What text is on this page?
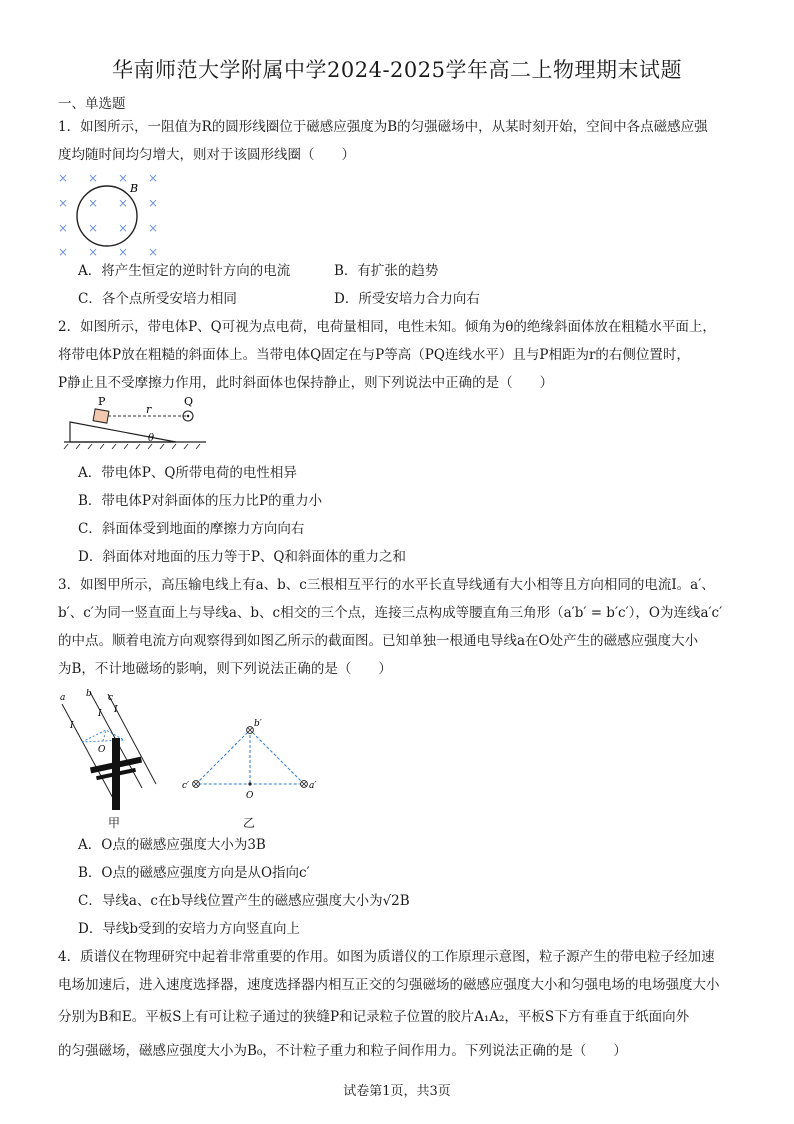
华南师范大学附属中学2024-2025学年高二上物理期末试题
一、单选题
1．如图所示，一阻值为R的圆形线圈位于磁感应强度为B的匀强磁场中，从某时刻开始，空间中各点磁感应强
度均随时间均匀增大，则对于该圆形线圈（　　）
× × × ×
× × × ×
× × × ×
× × × ×
B
A．将产生恒定的逆时针方向的电流	B．有扩张的趋势
C．各个点所受安培力相同	D．所受安培力合力向右
2．如图所示，带电体P、Q可视为点电荷，电荷量相同，电性未知。倾角为θ的绝缘斜面体放在粗糙水平面上，
将带电体P放在粗糙的斜面体上。当带电体Q固定在与P等高（PQ连线水平）且与P相距为r的右侧位置时，
P静止且不受摩擦力作用，此时斜面体也保持静止，则下列说法中正确的是（　　）
P	Q
r
θ
A．带电体P、Q所带电荷的电性相异
B．带电体P对斜面体的压力比P的重力小
C．斜面体受到地面的摩擦力方向向右
D．斜面体对地面的压力等于P、Q和斜面体的重力之和
3．如图甲所示，高压输电线上有a、b、c三根相互平行的水平长直导线通有大小相等且方向相同的电流I。a′、
b′、c′为同一竖直面上与导线a、b、c相交的三个点，连接三点构成等腰直角三角形（a′b′ = b′c′），O为连线a′c′
的中点。顺着电流方向观察得到如图乙所示的截面图。已知单独一根通电导线a在O处产生的磁感应强度大小
为B，不计地磁场的影响，则下列说法正确的是（　　）
a b c
I
I I
O
甲
b′
c′	a′
O
乙
A．O点的磁感应强度大小为3B
B．O点的磁感应强度方向是从O指向c′
C．导线a、c在b导线位置产生的磁感应强度大小为√2B
D．导线b受到的安培力方向竖直向上
4．质谱仪在物理研究中起着非常重要的作用。如图为质谱仪的工作原理示意图，粒子源产生的带电粒子经加速
电场加速后，进入速度选择器，速度选择器内相互正交的匀强磁场的磁感应强度大小和匀强电场的电场强度大小
分别为B和E。平板S上有可让粒子通过的狭缝P和记录粒子位置的胶片A₁A₂，平板S下方有垂直于纸面向外
的匀强磁场，磁感应强度大小为B₀，不计粒子重力和粒子间作用力。下列说法正确的是（　　）
试卷第1页，共3页
